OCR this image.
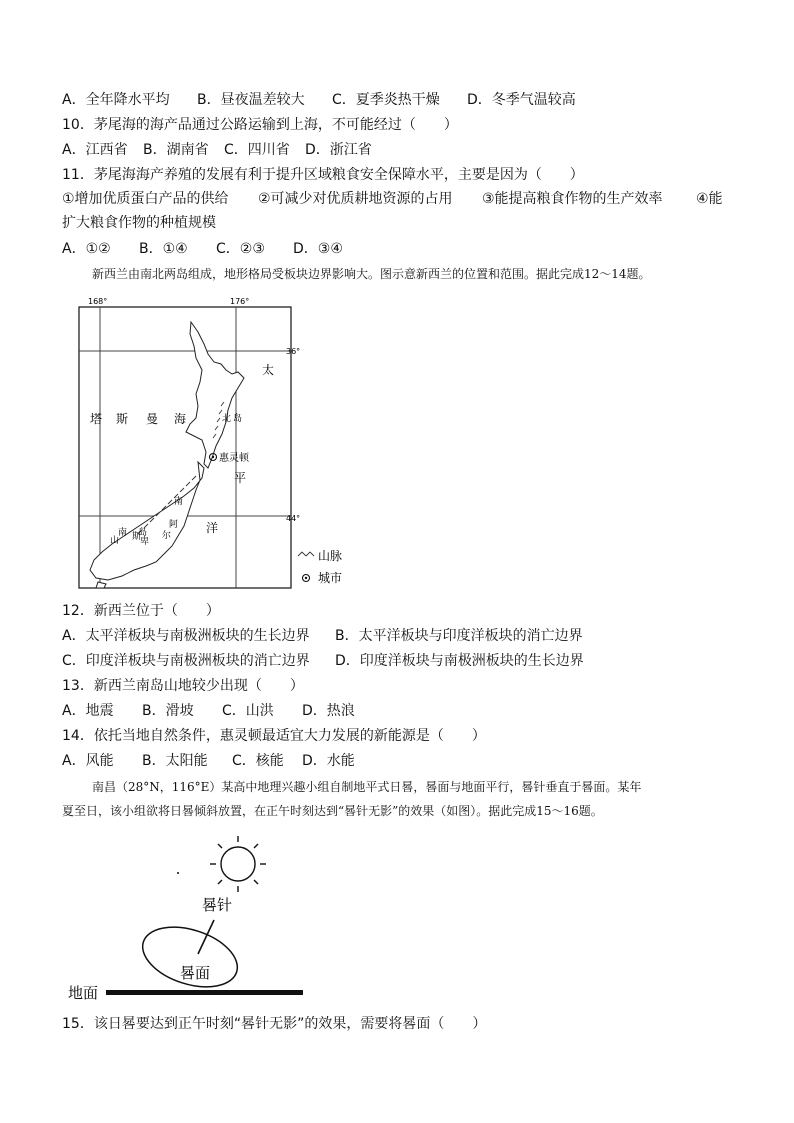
A．全年降水平均 B．昼夜温差较大 C．夏季炎热干燥 D．冬季气温较高
10．茅尾海的海产品通过公路运输到上海，不可能经过（　　）
A．江西省 B．湖南省 C．四川省 D．浙江省
11．茅尾海海产养殖的发展有利于提升区域粮食安全保障水平，主要是因为（　　）
①增加优质蛋白产品的供给 ②可减少对优质耕地资源的占用 ③能提高粮食作物的生产效率 ④能
扩大粮食作物的种植规模
A．①② B．①④ C．②③ D．③④
新西兰由南北两岛组成，地形格局受板块边界影响大。图示意新西兰的位置和范围。据此完成12～14题。
168°	176°
36°
44°
塔 斯 曼 海
太
平
洋
北 岛
南
阿
尔
卑
斯
山
南 岛
惠灵顿
山脉
城市
12．新西兰位于（　　）
A．太平洋板块与南极洲板块的生长边界 B．太平洋板块与印度洋板块的消亡边界
C．印度洋板块与南极洲板块的消亡边界 D．印度洋板块与南极洲板块的生长边界
13．新西兰南岛山地较少出现（　　）
A．地震 B．滑坡 C．山洪 D．热浪
14．依托当地自然条件，惠灵顿最适宜大力发展的新能源是（　　）
A．风能 B．太阳能 C．核能 D．水能
南昌（28°N，116°E）某高中地理兴趣小组自制地平式日晷，晷面与地面平行，晷针垂直于晷面。某年
夏至日，该小组欲将日晷倾斜放置，在正午时刻达到“晷针无影”的效果（如图）。据此完成15～16题。
晷针
晷面
地面
15．该日晷要达到正午时刻“晷针无影”的效果，需要将晷面（　　）
